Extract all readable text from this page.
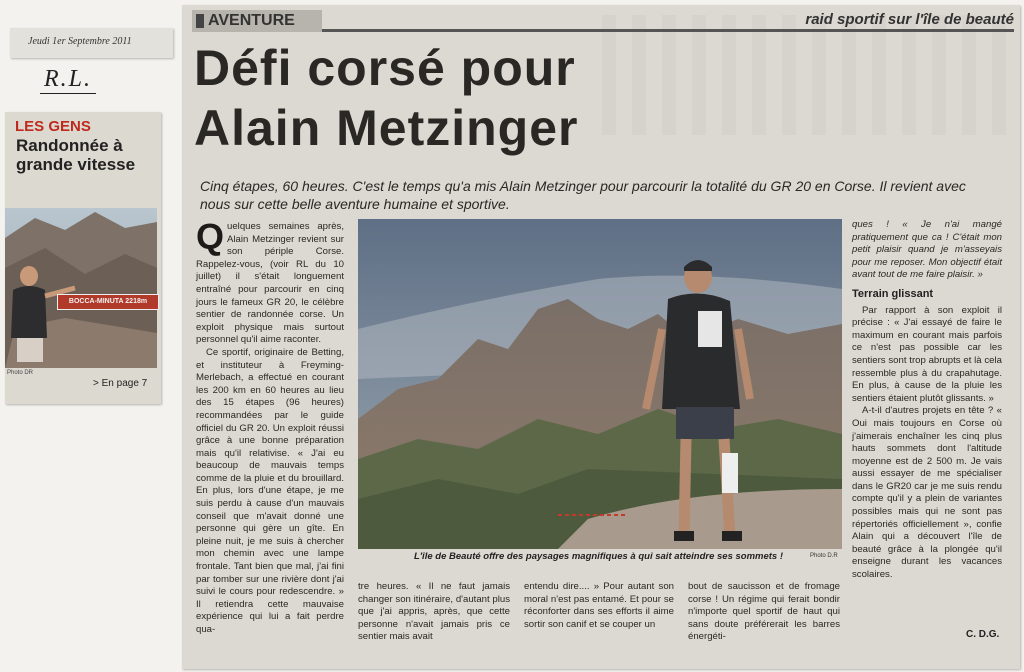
Jeudi 1er Septembre 2011
R.L.
LES GENS
Randonnée à grande vitesse
BOCCA-MINUTA 2218m
Photo DR
> En page 7
AVENTURE	raid sportif sur l'île de beauté
Défi corsé pour
Alain Metzinger
Cinq étapes, 60 heures. C'est le temps qu'a mis Alain Metzinger pour parcourir la totalité du GR 20 en Corse. Il revient avec nous sur cette belle aventure humaine et sportive.
Q uelques semaines après, Alain Metzinger revient sur son périple Corse. Rappelez-vous, (voir RL du 10 juillet) il s'était longuement entraîné pour parcourir en cinq jours le fameux GR 20, le célèbre sentier de randonnée corse. Un exploit physique mais surtout personnel qu'il aime raconter.

Ce sportif, originaire de Betting, et instituteur à Freyming-Merlebach, a effectué en courant les 200 km en 60 heures au lieu des 15 étapes (96 heures) recommandées par le guide officiel du GR 20. Un exploit réussi grâce à une bonne préparation mais qu'il relativise. « J'ai eu beaucoup de mauvais temps comme de la pluie et du brouillard. En plus, lors d'une étape, je me suis perdu à cause d'un mauvais conseil que m'avait donné une personne qui gère un gîte. En pleine nuit, je me suis à chercher mon chemin avec une lampe frontale. Tant bien que mal, j'ai fini par tomber sur une rivière dont j'ai suivi le cours pour redescendre. » Il retiendra cette mauvaise expérience qui lui a fait perdre qua-

L'île de Beauté offre des paysages magnifiques à qui sait atteindre ses sommets !	Photo D.R
tre heures. « Il ne faut jamais changer son itinéraire, d'autant plus que j'ai appris, après, que cette personne n'avait jamais pris ce sentier mais avait
entendu dire.... » Pour autant son moral n'est pas entamé. Et pour se réconforter dans ses efforts il aime sortir son canif et se couper un
bout de saucisson et de fromage corse ! Un régime qui ferait bondir n'importe quel sportif de haut qui sans doute préférerait les barres énergéti-

ques ! « Je n'ai mangé pratiquement que ca ! C'était mon petit plaisir quand je m'asseyais pour me reposer. Mon objectif était avant tout de me faire plaisir. »

Terrain glissant

Par rapport à son exploit il précise : « J'ai essayé de faire le maximum en courant mais parfois ce n'est pas possible car les sentiers sont trop abrupts et là cela ressemble plus à du crapahutage. En plus, à cause de la pluie les sentiers étaient plutôt glissants. »

A-t-il d'autres projets en tête ? « Oui mais toujours en Corse où j'aimerais enchaîner les cinq plus hauts sommets dont l'altitude moyenne est de 2 500 m. Je vais aussi essayer de me spécialiser dans le GR20 car je me suis rendu compte qu'il y a plein de variantes possibles mais qui ne sont pas répertoriés officiellement », confie Alain qui a découvert l'île de beauté grâce à la plongée qu'il enseigne durant les vacances scolaires.

C. D.G.
